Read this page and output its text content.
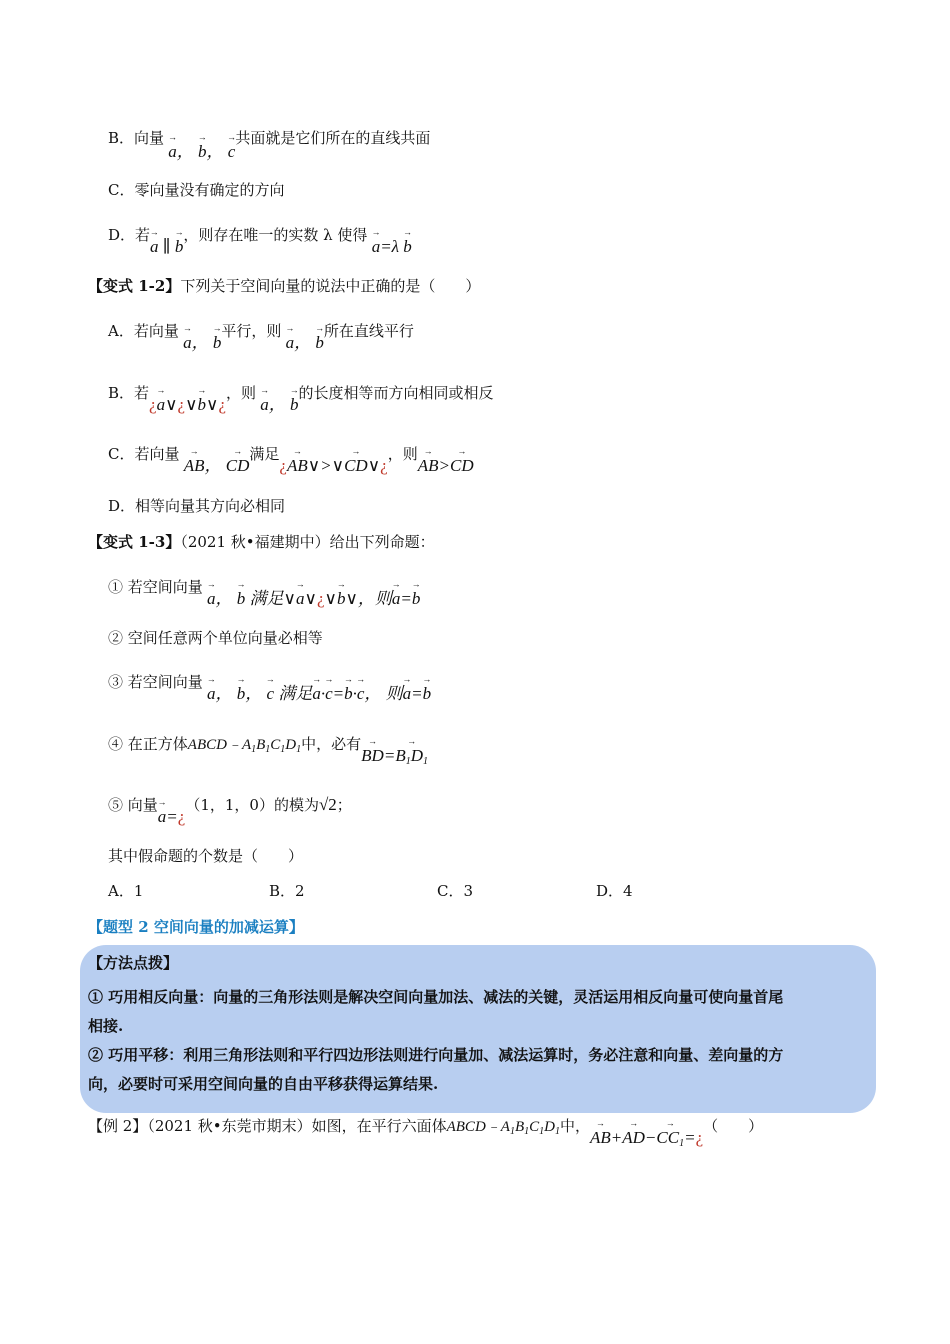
B．向量 → a， → b， → c共面就是它们所在的直线共面
C．零向量没有确定的方向
D．若→ a ∥ → b，则存在唯一的实数 λ 使得 → a=λ → b
【变式 1-2】下列关于空间向量的说法中正确的是（　　）
A．若向量 → a， → b平行，则 → a， → b所在直线平行
B．若¿→ a∨¿∨→ b∨¿，则 → a， → b的长度相等而方向相同或相反
C．若向量 → AB， → CD满足¿→ AB∨>∨→ CD∨¿，则→ AB>→ CD
D．相等向量其方向必相同
【变式 1-3】（2021 秋•福建期中）给出下列命题：
① 若空间向量 → a， → b 满足∨→ a∨¿∨→ b∨，则→ a=→ b
② 空间任意两个单位向量必相等
③ 若空间向量 → a， → b， → c 满足→ a·→ c=→ b·→ c， 则→ a=→ b
④ 在正方体$ABCD﹣A_1B_1C_1D_1$中，必有→ $BD=\to B_1D_1$
⑤ 向量→ a=¿（1，1，0）的模为√2；
其中假命题的个数是（　　）
A．1	B．2	C．3	D．4
【题型 2 空间向量的加减运算】
【方法点拨】
① 巧用相反向量：向量的三角形法则是解决空间向量加法、减法的关键，灵活运用相反向量可使向量首尾
相接.
② 巧用平移：利用三角形法则和平行四边形法则进行向量加、减法运算时，务必注意和向量、差向量的方
向，必要时可采用空间向量的自由平移获得运算结果.
【例 2】（2021 秋•东莞市期末）如图，在平行六面体$ABCD﹣A_1B_1C_1D_1$中，→ $AB+\to AD-\to CC_1=¿$（　　）
